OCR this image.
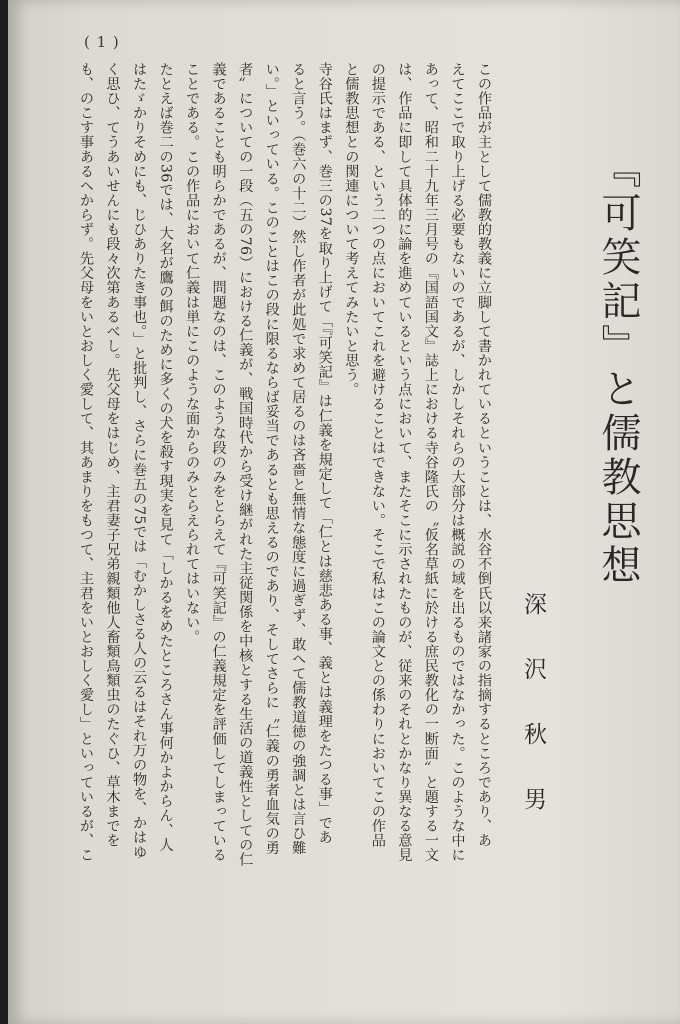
( 1 )
『可笑記』と儒教思想
深沢秋男
この作品が主として儒教的教義に立脚して書かれているということは、水谷不倒氏以来諸家の指摘するところであり、あ
えてここで取り上げる必要もないのであるが、しかしそれらの大部分は概説の域を出るものではなかった。このような中に
あって、昭和二十九年三月号の『国語国文』誌上における寺谷隆氏の〝仮名草紙に於ける庶民教化の一断面〟と題する一文
は、作品に即して具体的に論を進めているという点において、またそこに示されたものが、従来のそれとかなり異なる意見
の提示である、という二つの点においてこれを避けることはできない。そこで私はこの論文との係わりにおいてこの作品
と儒教思想との関連について考えてみたいと思う。
寺谷氏はまず、巻三の37を取り上げて「『可笑記』は仁義を規定して「仁とは慈悲ある事、義とは義理をたつる事」であ
ると言う。（巻六の十二）然し作者が此処で求めて居るのは吝嗇と無情な態度に過ぎず、敢へて儒教道徳の強調とは言ひ難
い。」といっている。このことはこの段に限るならば妥当であるとも思えるのであり、そしてさらに〝仁義の勇者血気の勇
者〟についての一段（五の76）における仁義が、戦国時代から受け継がれた主従関係を中核とする生活の道義性としての仁
義であることも明らかであるが、問題なのは、このような段のみをとらえて『可笑記』の仁義規定を評価してしまっている
ことである。この作品において仁義は単にこのような面からのみとらえられてはいない。
たとえば巻二の36では、大名が鷹の餌のために多くの犬を殺す現実を見て「しかるをめたところさん事何かよからん、人
はたゞかりそめにも、じひありたき事也。」と批判し、さらに巻五の75では「むかしさる人の云るはそれ万の物を、かはゆ
く思ひ、てうあいせんにも段々次第あるべし。先父母をはじめ、主君妻子兄弟親類他人畜類鳥類虫のたぐひ、草木までを
も、のこす事あるへからず。先父母をいとおしく愛して、其あまりをもつて、主君をいとおしく愛し」といっているが、こ
